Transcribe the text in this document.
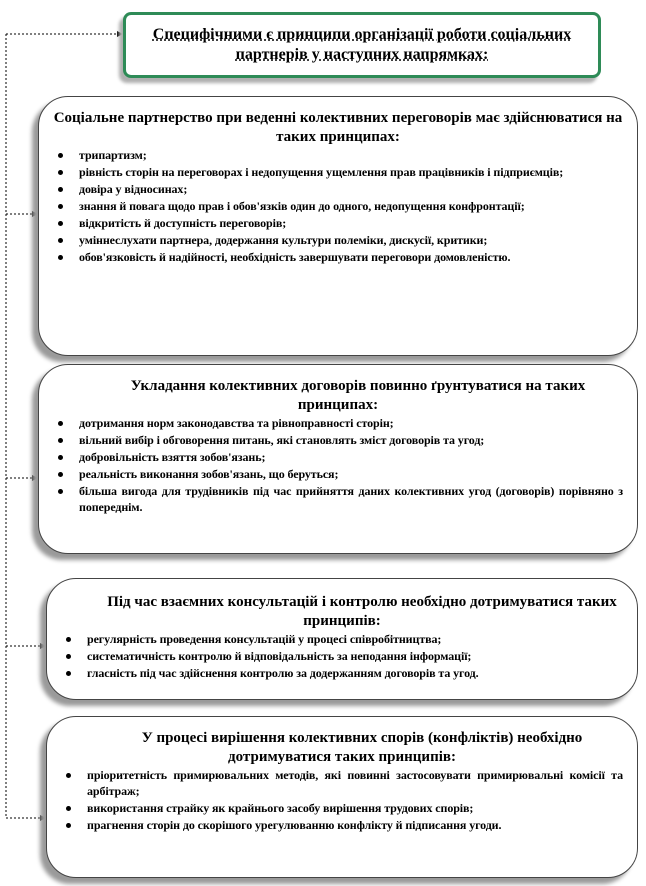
Специфічними є принципи організації роботи соціальних партнерів у наступних напрямках:
Соціальне партнерство при веденні колективних переговорів має здійснюватися на таких принципах:
трипартизм;
рівність сторін на переговорах і недопущення ущемлення прав працівників і підприємців;
довіра у відносинах;
знання й повага щодо прав і обов'язків один до одного, недопущення конфронтації;
відкритість й доступність переговорів;
уміннеслухати партнера, додержання культури полеміки, дискусії, критики;
обов'язковість й надійності, необхідність завершувати переговори домовленістю.
Укладання колективних договорів повинно ґрунтуватися на таких принципах:
дотримання норм законодавства та рівноправності сторін;
вільний вибір і обговорення питань, які становлять зміст договорів та угод;
добровільність взяття зобов'язань;
реальність виконання зобов'язань, що беруться;
більша вигода для трудівників під час прийняття даних колективних угод (договорів) порівняно з попереднім.
Під час взаємних консультацій і контролю необхідно дотримуватися таких принципів:
регулярність проведення консультацій у процесі співробітництва;
систематичність контролю й відповідальність за неподання інформації;
гласність під час здійснення контролю за додержанням договорів та угод.
У процесі вирішення колективних спорів (конфліктів) необхідно дотримуватися таких принципів:
пріоритетність примирювальних методів, які повинні застосовувати примирювальні комісії та арбітраж;
використання страйку як крайнього засобу вирішення трудових спорів;
прагнення сторін до скорішого урегулюванню конфлікту й підписання угоди.
